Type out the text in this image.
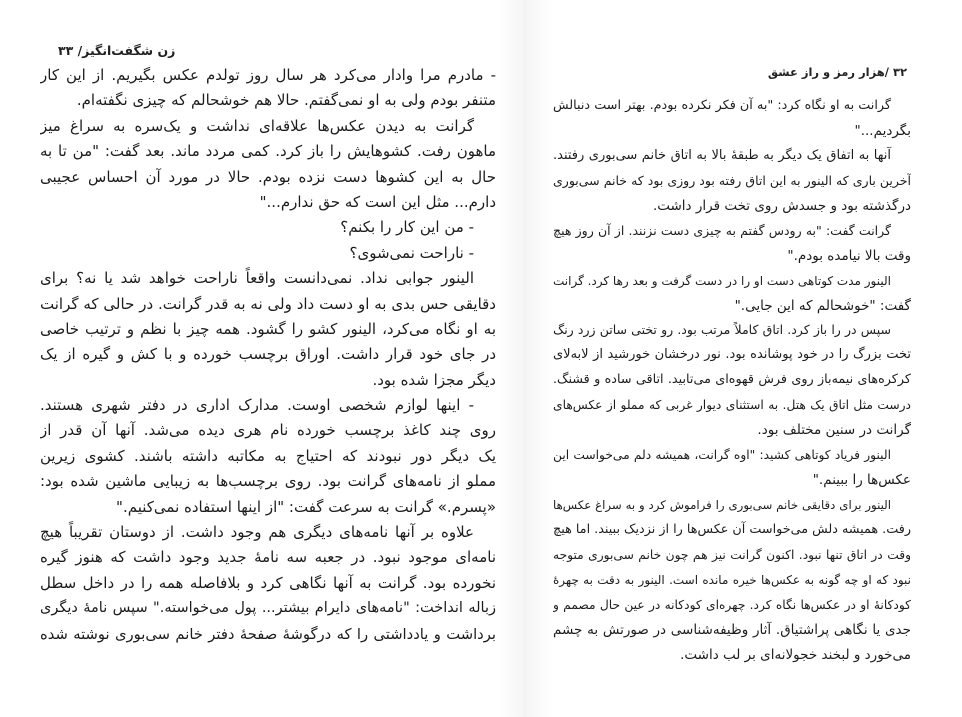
زن شگفت‌انگیز/ ۳۳
- مادرم مرا وادار می‌کرد هر سال روز تولدم عکس بگیریم. از این کار
متنفر بودم ولی به او نمی‌گفتم. حالا هم خوشحالم که چیزی نگفته‌ام.
گرانت به دیدن عکس‌ها علاقه‌ای نداشت و یک‌سره به سراغ میز
ماهون رفت. کشوهایش را باز کرد. کمی مردد ماند. بعد گفت: "من تا به
حال به این کشوها دست نزده بودم. حالا در مورد آن احساس عجیبی
دارم... مثل این است که حق ندارم..."
- من این کار را بکنم؟
- ناراحت نمی‌شوی؟
الینور جوابی نداد. نمی‌دانست واقعاً ناراحت خواهد شد یا نه؟ برای
دقایقی حس بدی به او دست داد ولی نه به قدر گرانت. در حالی که گرانت
به او نگاه می‌کرد، الینور کشو را گشود. همه چیز با نظم و ترتیب خاصی
در جای خود قرار داشت. اوراق برچسب خورده و با کش و گیره از یک
دیگر مجزا شده بود.
- اینها لوازم شخصی اوست. مدارک اداری در دفتر شهری هستند.
روی چند کاغذ برچسب خورده نام هری دیده می‌شد. آنها آن قدر از
یک دیگر دور نبودند که احتیاج به مکاتبه داشته باشند. کشوی زیرین
مملو از نامه‌های گرانت بود. روی برچسب‌ها به زیبایی ماشین شده بود:
«پسرم.» گرانت به سرعت گفت: "از اینها استفاده نمی‌کنیم."
علاوه بر آنها نامه‌های دیگری هم وجود داشت. از دوستان تقریباً هیچ
نامه‌ای موجود نبود. در جعبه سه نامهٔ جدید وجود داشت که هنوز گیره
نخورده بود. گرانت به آنها نگاهی کرد و بلافاصله همه را در داخل سطل
زباله انداخت: "نامه‌های دایرام بیشتر... پول می‌خواسته." سپس نامهٔ دیگری
برداشت و یادداشتی را که درگوشهٔ صفحهٔ دفتر خانم سی‌بوری نوشته شده
۳۲ /هزار رمز و راز عشق
گرانت به او نگاه کرد: "به آن فکر نکرده بودم. بهتر است دنبالش
بگردیم..."
آنها به اتفاق یک دیگر به طبقهٔ بالا به اتاق خانم سی‌بوری رفتند.
آخرین باری که الینور به این اتاق رفته بود روزی بود که خانم سی‌بوری
درگذشته بود و جسدش روی تخت قرار داشت.
گرانت گفت: "به رودس گفتم به چیزی دست نزنند. از آن روز هیچ
وقت بالا نیامده بودم."
الینور مدت کوتاهی دست او را در دست گرفت و بعد رها کرد. گرانت
گفت: "خوشحالم که این جایی."
سپس در را باز کرد. اتاق کاملاً مرتب بود. رو تختی ساتن زرد رنگ
تخت بزرگ را در خود پوشانده بود. نور درخشان خورشید از لابه‌لای
کرکره‌های نیمه‌باز روی فرش قهوه‌ای می‌تابید. اتاقی ساده و قشنگ.
درست مثل اتاق یک هتل. به استثنای دیوار غربی که مملو از عکس‌های
گرانت در سنین مختلف بود.
الینور فریاد کوتاهی کشید: "اوه گرانت، همیشه دلم می‌خواست این
عکس‌ها را ببینم."
الینور برای دقایقی خانم سی‌بوری را فراموش کرد و به سراغ عکس‌ها
رفت. همیشه دلش می‌خواست آن عکس‌ها را از نزدیک ببیند. اما هیچ
وقت در اتاق تنها نبود. اکنون گرانت نیز هم چون خانم سی‌بوری متوجه
نبود که او چه گونه به عکس‌ها خیره مانده است. الینور به دقت به چهرهٔ
کودکانهٔ او در عکس‌ها نگاه کرد. چهره‌ای کودکانه در عین حال مصمم و
جدی یا نگاهی پراشتیاق. آثار وظیفه‌شناسی در صورتش به چشم
می‌خورد و لبخند خجولانه‌ای بر لب داشت.
